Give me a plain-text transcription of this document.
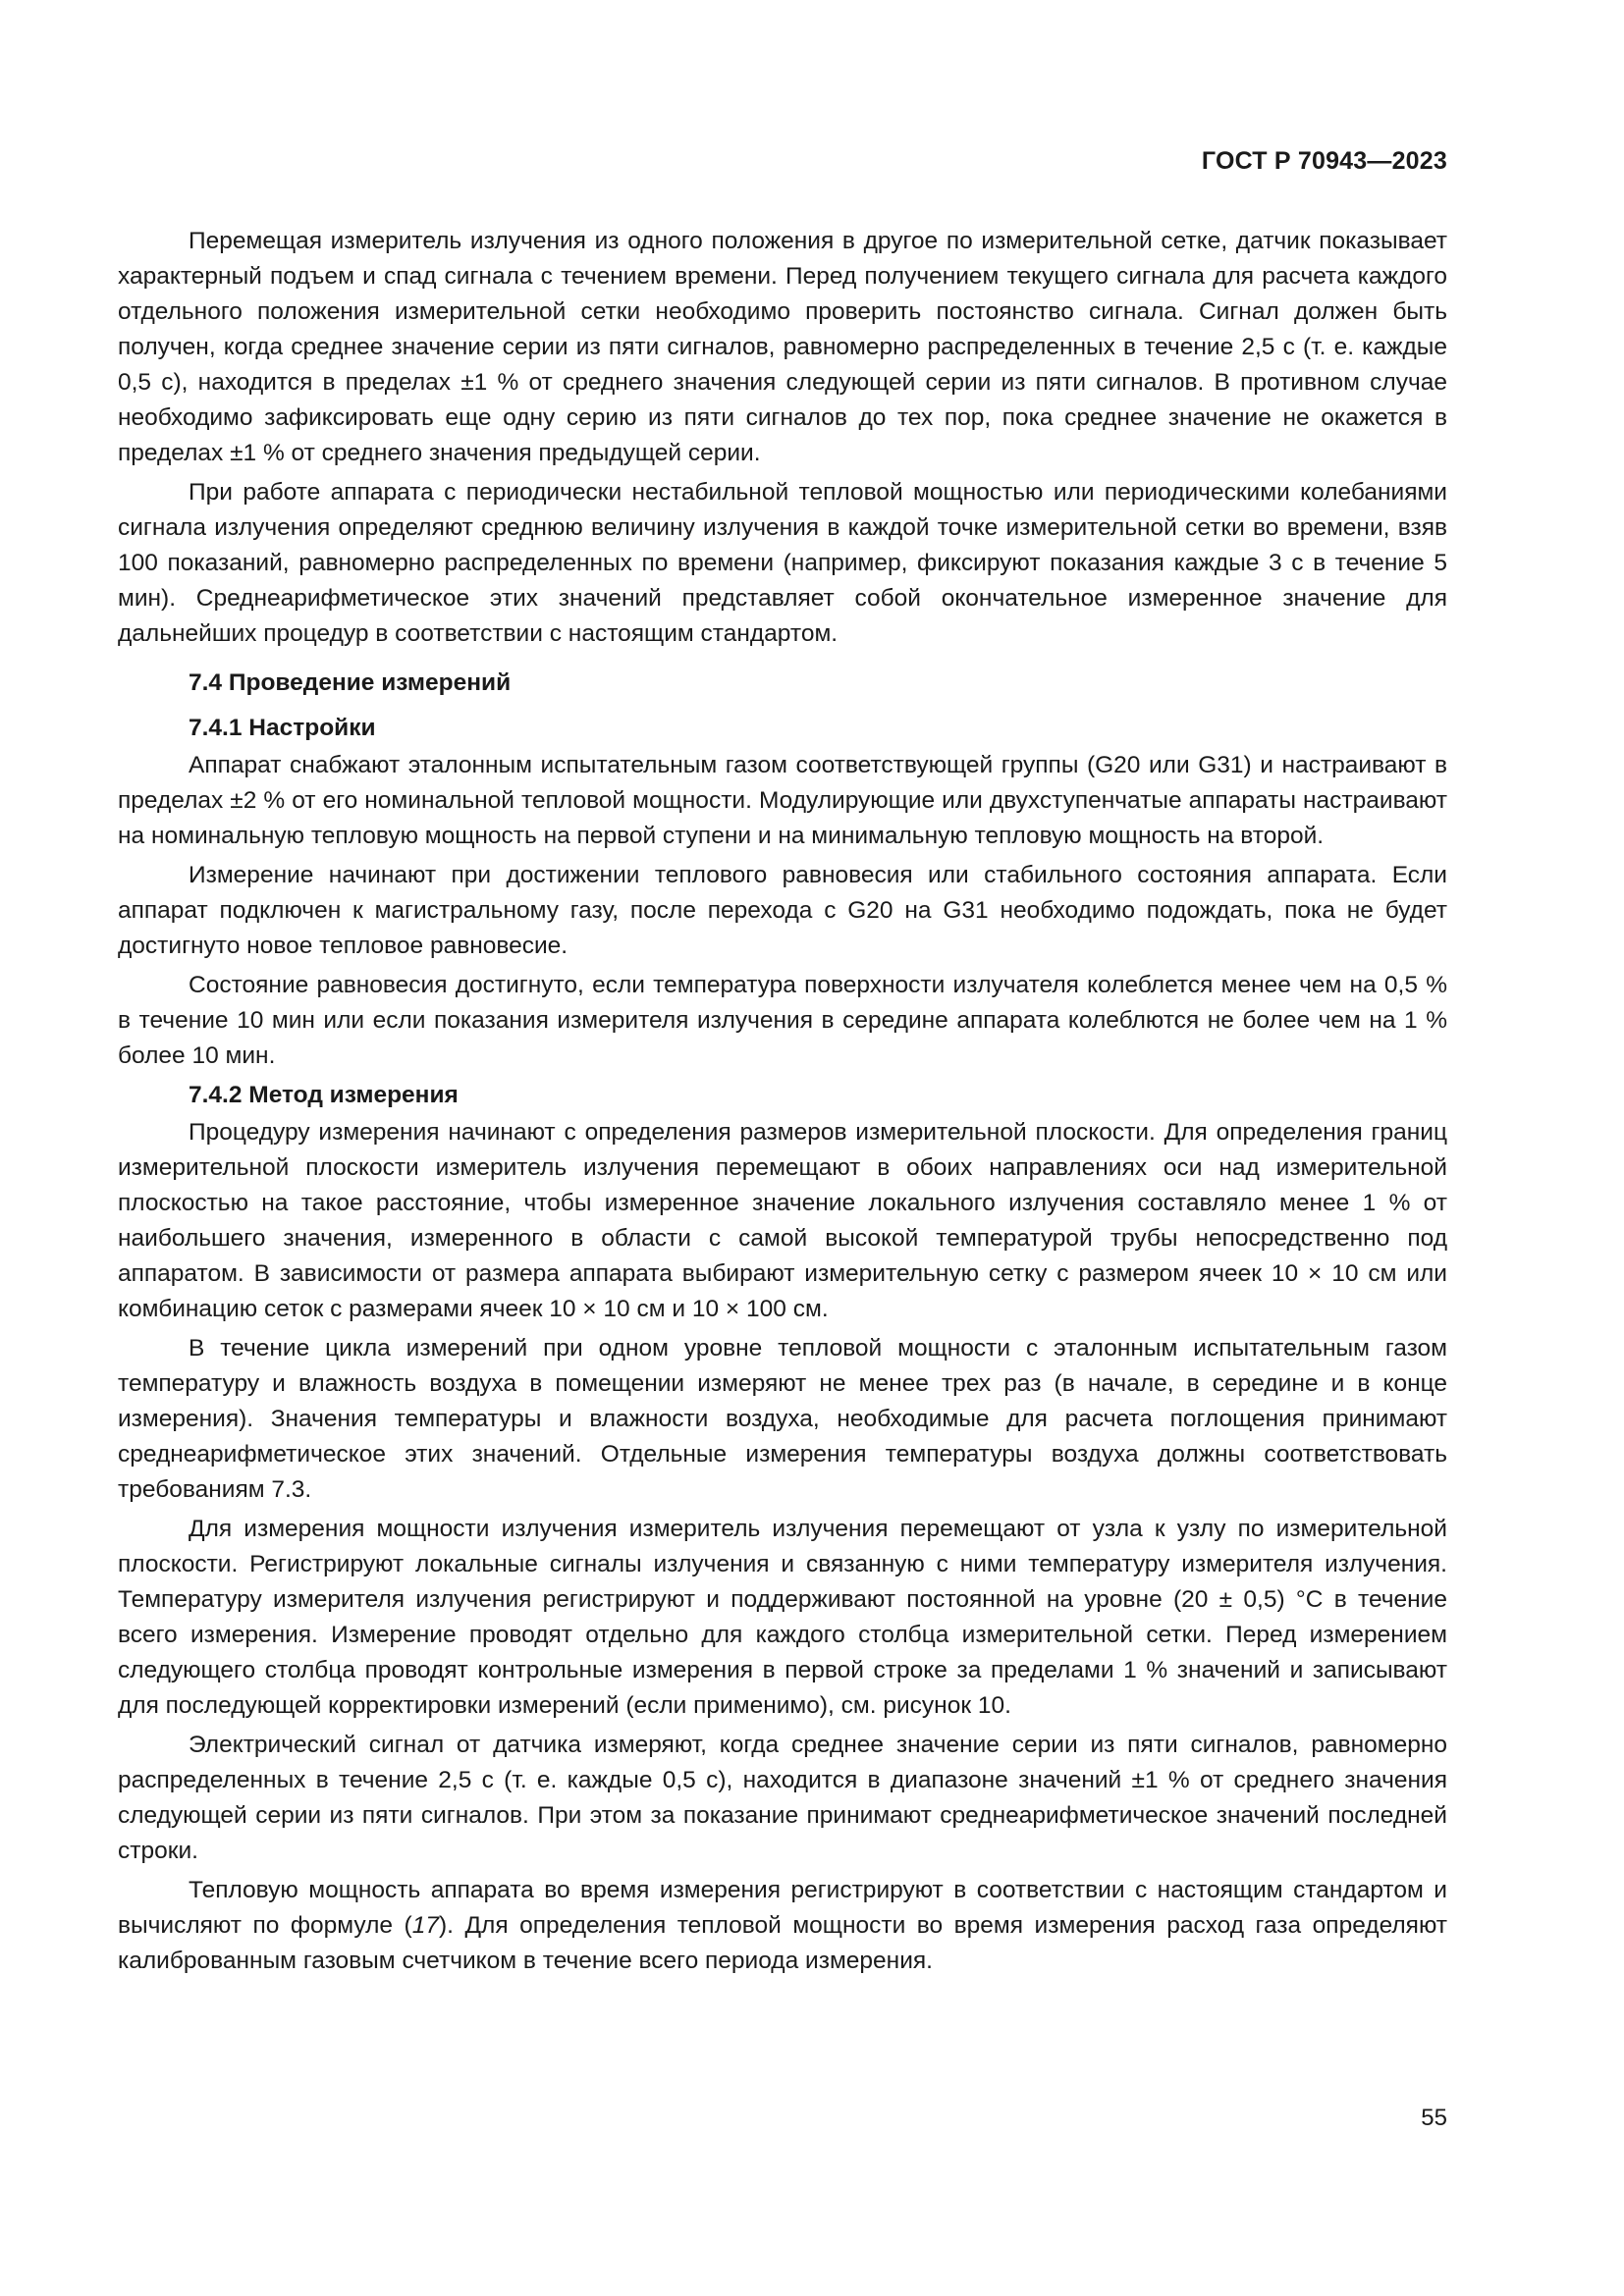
ГОСТ Р 70943—2023

Перемещая измеритель излучения из одного положения в другое по измерительной сетке, датчик показывает характерный подъем и спад сигнала с течением времени. Перед получением текущего сигнала для расчета каждого отдельного положения измерительной сетки необходимо проверить постоянство сигнала. Сигнал должен быть получен, когда среднее значение серии из пяти сигналов, равномерно распределенных в течение 2,5 с (т. е. каждые 0,5 с), находится в пределах ±1 % от среднего значения следующей серии из пяти сигналов. В противном случае необходимо зафиксировать еще одну серию из пяти сигналов до тех пор, пока среднее значение не окажется в пределах ±1 % от среднего значения предыдущей серии.

При работе аппарата с периодически нестабильной тепловой мощностью или периодическими колебаниями сигнала излучения определяют среднюю величину излучения в каждой точке измерительной сетки во времени, взяв 100 показаний, равномерно распределенных по времени (например, фиксируют показания каждые 3 с в течение 5 мин). Среднеарифметическое этих значений представляет собой окончательное измеренное значение для дальнейших процедур в соответствии с настоящим стандартом.

7.4 Проведение измерений
7.4.1 Настройки

Аппарат снабжают эталонным испытательным газом соответствующей группы (G20 или G31) и настраивают в пределах ±2 % от его номинальной тепловой мощности. Модулирующие или двухступенчатые аппараты настраивают на номинальную тепловую мощность на первой ступени и на минимальную тепловую мощность на второй.

Измерение начинают при достижении теплового равновесия или стабильного состояния аппарата. Если аппарат подключен к магистральному газу, после перехода с G20 на G31 необходимо подождать, пока не будет достигнуто новое тепловое равновесие.

Состояние равновесия достигнуто, если температура поверхности излучателя колеблется менее чем на 0,5 % в течение 10 мин или если показания измерителя излучения в середине аппарата колеблются не более чем на 1 % более 10 мин.

7.4.2 Метод измерения

Процедуру измерения начинают с определения размеров измерительной плоскости. Для определения границ измерительной плоскости измеритель излучения перемещают в обоих направлениях оси над измерительной плоскостью на такое расстояние, чтобы измеренное значение локального излучения составляло менее 1 % от наибольшего значения, измеренного в области с самой высокой температурой трубы непосредственно под аппаратом. В зависимости от размера аппарата выбирают измерительную сетку с размером ячеек 10 × 10 см или комбинацию сеток с размерами ячеек 10 × 10 см и 10 × 100 см.

В течение цикла измерений при одном уровне тепловой мощности с эталонным испытательным газом температуру и влажность воздуха в помещении измеряют не менее трех раз (в начале, в середине и в конце измерения). Значения температуры и влажности воздуха, необходимые для расчета поглощения принимают среднеарифметическое этих значений. Отдельные измерения температуры воздуха должны соответствовать требованиям 7.3.

Для измерения мощности излучения измеритель излучения перемещают от узла к узлу по измерительной плоскости. Регистрируют локальные сигналы излучения и связанную с ними температуру измерителя излучения. Температуру измерителя излучения регистрируют и поддерживают постоянной на уровне (20 ± 0,5) °С в течение всего измерения. Измерение проводят отдельно для каждого столбца измерительной сетки. Перед измерением следующего столбца проводят контрольные измерения в первой строке за пределами 1 % значений и записывают для последующей корректировки измерений (если применимо), см. рисунок 10.

Электрический сигнал от датчика измеряют, когда среднее значение серии из пяти сигналов, равномерно распределенных в течение 2,5 с (т. е. каждые 0,5 с), находится в диапазоне значений ±1 % от среднего значения следующей серии из пяти сигналов. При этом за показание принимают среднеарифметическое значений последней строки.

Тепловую мощность аппарата во время измерения регистрируют в соответствии с настоящим стандартом и вычисляют по формуле (17). Для определения тепловой мощности во время измерения расход газа определяют калиброванным газовым счетчиком в течение всего периода измерения.

55
